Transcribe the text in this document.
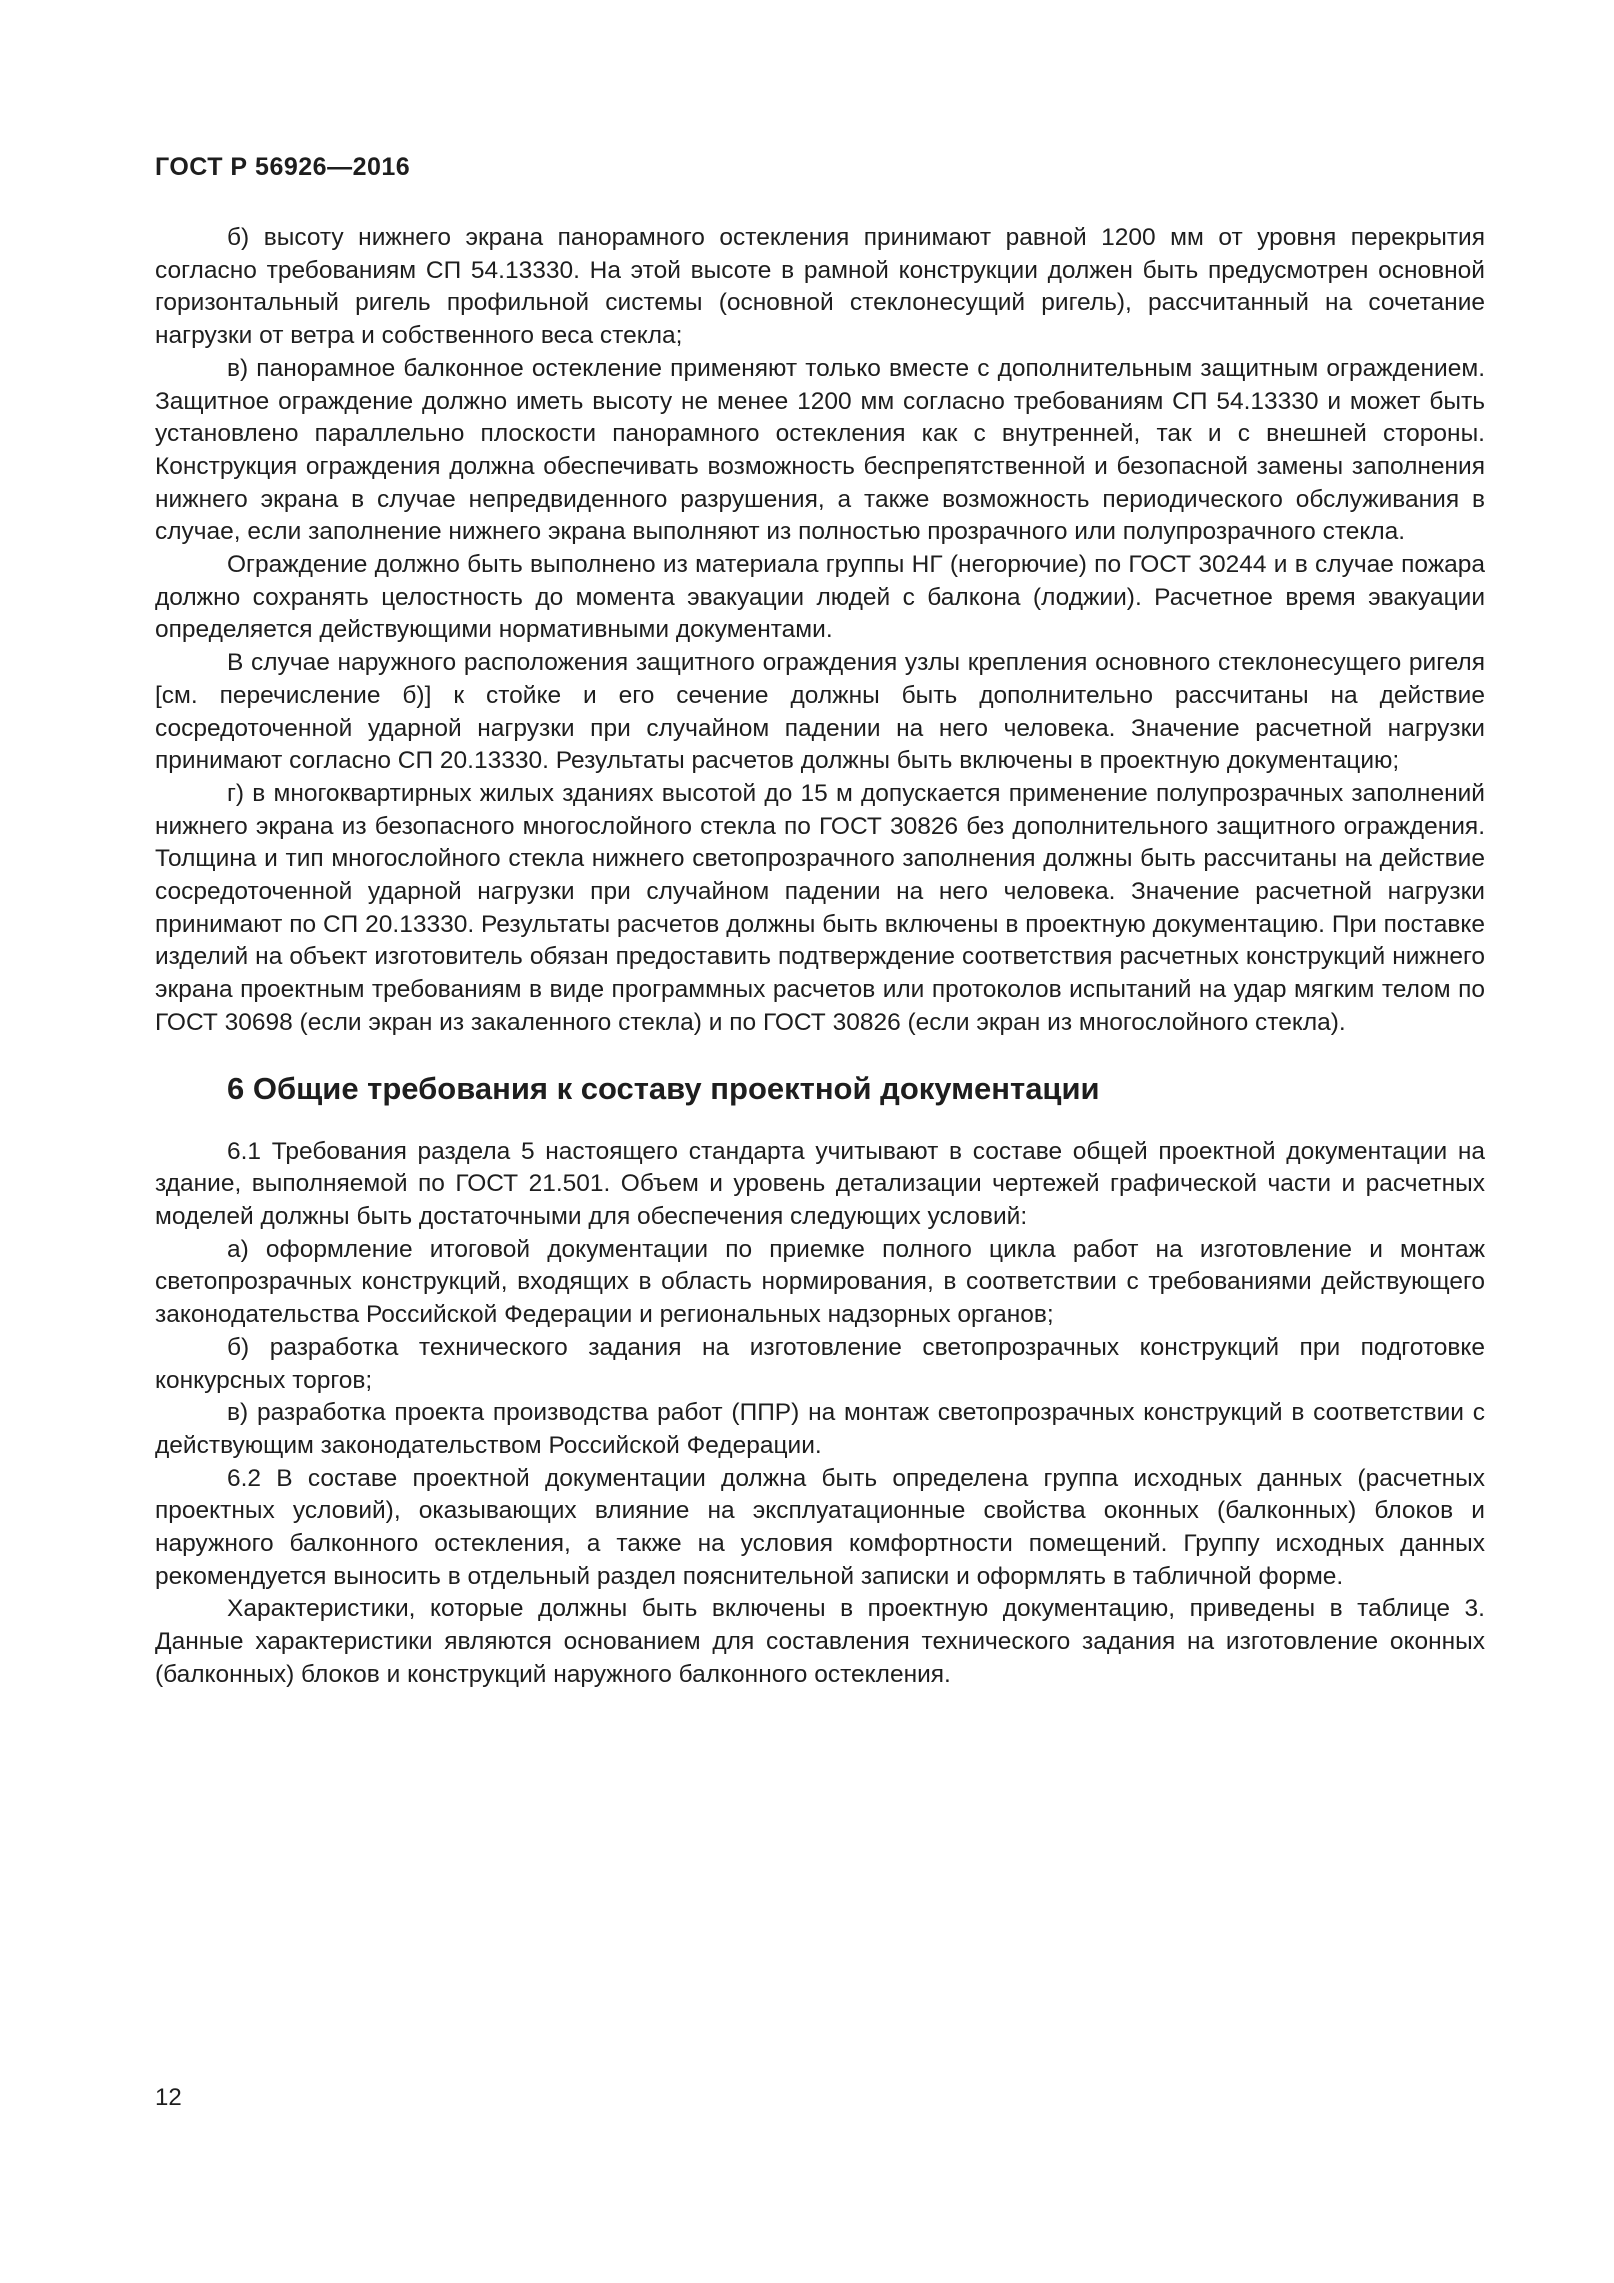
ГОСТ Р 56926—2016

б) высоту нижнего экрана панорамного остекления принимают равной 1200 мм от уровня перекрытия согласно требованиям СП 54.13330. На этой высоте в рамной конструкции должен быть предусмотрен основной горизонтальный ригель профильной системы (основной стеклонесущий ригель), рассчитанный на сочетание нагрузки от ветра и собственного веса стекла;

в) панорамное балконное остекление применяют только вместе с дополнительным защитным ограждением. Защитное ограждение должно иметь высоту не менее 1200 мм согласно требованиям СП 54.13330 и может быть установлено параллельно плоскости панорамного остекления как с внутренней, так и с внешней стороны. Конструкция ограждения должна обеспечивать возможность беспрепятственной и безопасной замены заполнения нижнего экрана в случае непредвиденного разрушения, а также возможность периодического обслуживания в случае, если заполнение нижнего экрана выполняют из полностью прозрачного или полупрозрачного стекла.

Ограждение должно быть выполнено из материала группы НГ (негорючие) по ГОСТ 30244 и в случае пожара должно сохранять целостность до момента эвакуации людей с балкона (лоджии). Расчетное время эвакуации определяется действующими нормативными документами.

В случае наружного расположения защитного ограждения узлы крепления основного стеклонесущего ригеля [см. перечисление б)] к стойке и его сечение должны быть дополнительно рассчитаны на действие сосредоточенной ударной нагрузки при случайном падении на него человека. Значение расчетной нагрузки принимают согласно СП 20.13330. Результаты расчетов должны быть включены в проектную документацию;

г) в многоквартирных жилых зданиях высотой до 15 м допускается применение полупрозрачных заполнений нижнего экрана из безопасного многослойного стекла по ГОСТ 30826 без дополнительного защитного ограждения. Толщина и тип многослойного стекла нижнего светопрозрачного заполнения должны быть рассчитаны на действие сосредоточенной ударной нагрузки при случайном падении на него человека. Значение расчетной нагрузки принимают по СП 20.13330. Результаты расчетов должны быть включены в проектную документацию. При поставке изделий на объект изготовитель обязан предоставить подтверждение соответствия расчетных конструкций нижнего экрана проектным требованиям в виде программных расчетов или протоколов испытаний на удар мягким телом по ГОСТ 30698 (если экран из закаленного стекла) и по ГОСТ 30826 (если экран из многослойного стекла).

6 Общие требования к составу проектной документации

6.1 Требования раздела 5 настоящего стандарта учитывают в составе общей проектной документации на здание, выполняемой по ГОСТ 21.501. Объем и уровень детализации чертежей графической части и расчетных моделей должны быть достаточными для обеспечения следующих условий:

а) оформление итоговой документации по приемке полного цикла работ на изготовление и монтаж светопрозрачных конструкций, входящих в область нормирования, в соответствии с требованиями действующего законодательства Российской Федерации и региональных надзорных органов;

б) разработка технического задания на изготовление светопрозрачных конструкций при подготовке конкурсных торгов;

в) разработка проекта производства работ (ППР) на монтаж светопрозрачных конструкций в соответствии с действующим законодательством Российской Федерации.

6.2 В составе проектной документации должна быть определена группа исходных данных (расчетных проектных условий), оказывающих влияние на эксплуатационные свойства оконных (балконных) блоков и наружного балконного остекления, а также на условия комфортности помещений. Группу исходных данных рекомендуется выносить в отдельный раздел пояснительной записки и оформлять в табличной форме.

Характеристики, которые должны быть включены в проектную документацию, приведены в таблице 3. Данные характеристики являются основанием для составления технического задания на изготовление оконных (балконных) блоков и конструкций наружного балконного остекления.

12
